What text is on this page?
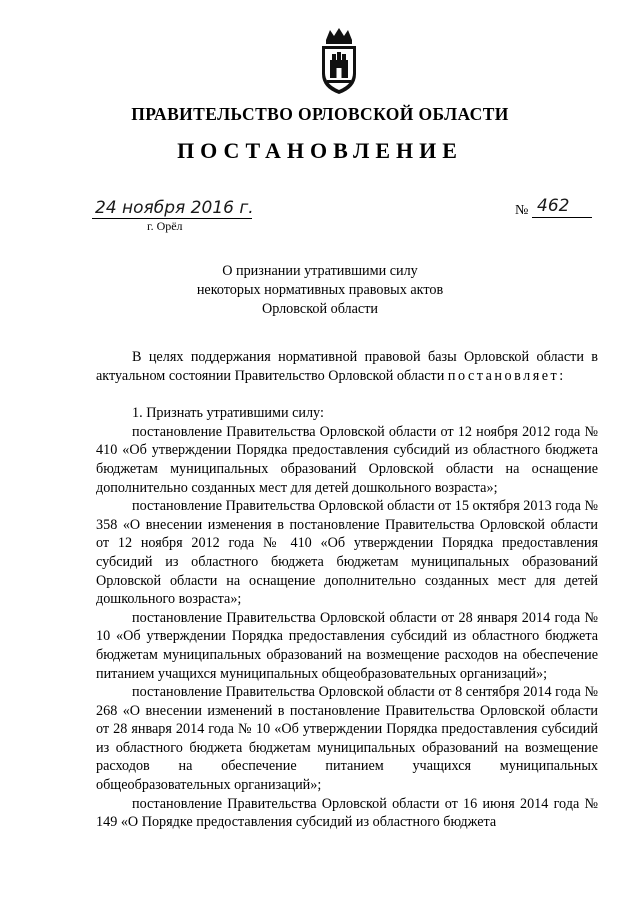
ПРАВИТЕЛЬСТВО ОРЛОВСКОЙ ОБЛАСТИ
ПОСТАНОВЛЕНИЕ
24 ноября 2016 г.
г. Орёл
№ 462
О признании утратившими силу
некоторых нормативных правовых актов
Орловской области

В целях поддержания нормативной правовой базы Орловской области в актуальном состоянии Правительство Орловской области постановляет:

1. Признать утратившими силу:

постановление Правительства Орловской области от 12 ноября 2012 года № 410 «Об утверждении Порядка предоставления субсидий из областного бюджета бюджетам муниципальных образований Орловской области на оснащение дополнительно созданных мест для детей дошкольного возраста»;

постановление Правительства Орловской области от 15 октября 2013 года № 358 «О внесении изменения в постановление Правительства Орловской области от 12 ноября 2012 года № 410 «Об утверждении Порядка предоставления субсидий из областного бюджета бюджетам муниципальных образований Орловской области на оснащение дополнительно созданных мест для детей дошкольного возраста»;

постановление Правительства Орловской области от 28 января 2014 года № 10 «Об утверждении Порядка предоставления субсидий из областного бюджета бюджетам муниципальных образований на возмещение расходов на обеспечение питанием учащихся муниципальных общеобразовательных организаций»;

постановление Правительства Орловской области от 8 сентября 2014 года № 268 «О внесении изменений в постановление Правительства Орловской области от 28 января 2014 года № 10 «Об утверждении Порядка предоставления субсидий из областного бюджета бюджетам муниципальных образований на возмещение расходов на обеспечение питанием учащихся муниципальных общеобразовательных организаций»;

постановление Правительства Орловской области от 16 июня 2014 года № 149 «О Порядке предоставления субсидий из областного бюджета
